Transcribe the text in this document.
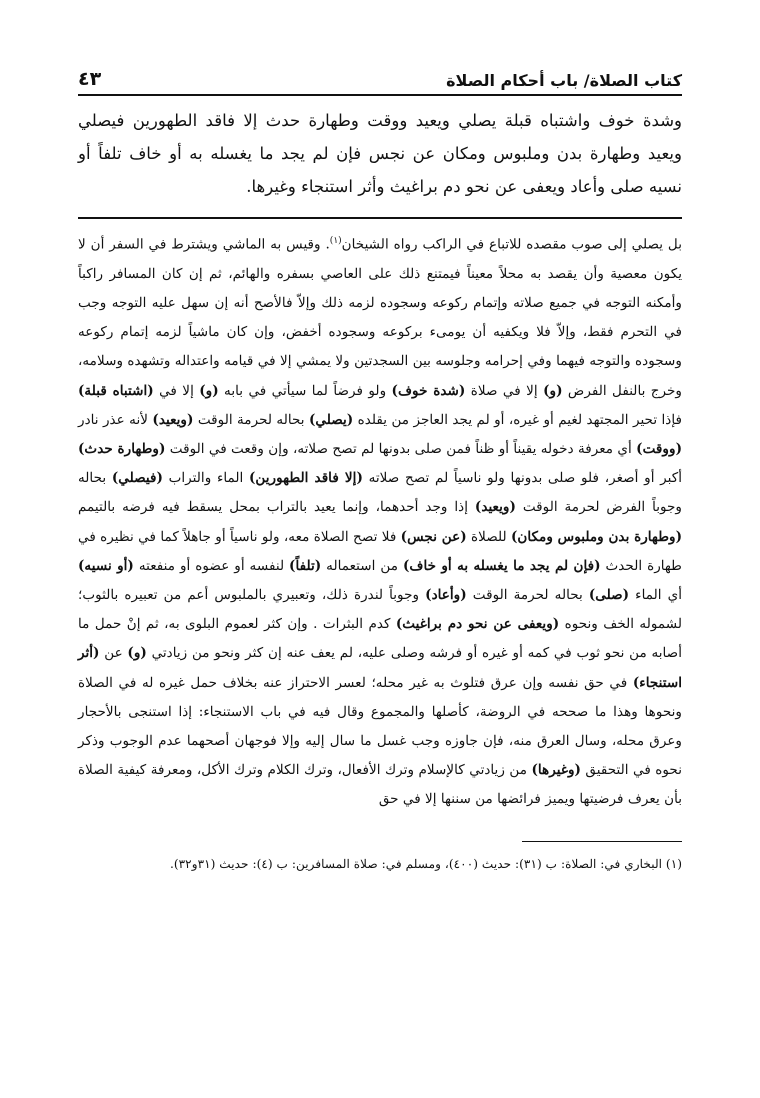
كتاب الصلاة/ باب أحكام الصلاة
٤٣

وشدة خوف واشتباه قبلة يصلي ويعيد ووقت وطهارة حدث إلا فاقد الطهورين فيصلي ويعيد وطهارة بدن وملبوس ومكان عن نجس فإن لم يجد ما يغسله به أو خاف تلفاً أو نسيه صلى وأعاد ويعفى عن نحو دم براغيث وأثر استنجاء وغيرها.

بل يصلي إلى صوب مقصده للاتباع في الراكب رواه الشيخان$^{(١)}$. وقيس به الماشي ويشترط في السفر أن لا يكون معصية وأن يقصد به محلاً معيناً فيمتنع ذلك على العاصي بسفره والهائم، ثم إن كان المسافر راكباً وأمكنه التوجه في جميع صلاته وإتمام ركوعه وسجوده لزمه ذلك وإلاّ فالأصح أنه إن سهل عليه التوجه وجب في التحرم فقط، وإلاّ فلا ويكفيه أن يومىء بركوعه وسجوده أخفض، وإن كان ماشياً لزمه إتمام ركوعه وسجوده والتوجه فيهما وفي إحرامه وجلوسه بين السجدتين ولا يمشي إلا في قيامه واعتداله وتشهده وسلامه، وخرج بالنفل الفرض (و) إلا في صلاة (شدة خوف) ولو فرضاً لما سيأتي في بابه (و) إلا في (اشتباه قبلة) فإذا تحير المجتهد لغيم أو غيره، أو لم يجد العاجز من يقلده (يصلي) بحاله لحرمة الوقت (ويعيد) لأنه عذر نادر (ووقت) أي معرفة دخوله يقيناً أو ظناً فمن صلى بدونها لم تصح صلاته، وإن وقعت في الوقت (وطهارة حدث) أكبر أو أصغر، فلو صلى بدونها ولو ناسياً لم تصح صلاته (إلا فاقد الطهورين) الماء والتراب (فيصلي) بحاله وجوباً الفرض لحرمة الوقت (ويعيد) إذا وجد أحدهما، وإنما يعيد بالتراب بمحل يسقط فيه فرضه بالتيمم (وطهارة بدن وملبوس ومكان) للصلاة (عن نجس) فلا تصح الصلاة معه، ولو ناسياً أو جاهلاً كما في نظيره في طهارة الحدث (فإن لم يجد ما يغسله به أو خاف) من استعماله (تلفاً) لنفسه أو عضوه أو منفعته (أو نسيه) أي الماء (صلى) بحاله لحرمة الوقت (وأعاد) وجوباً لندرة ذلك، وتعبيري بالملبوس أعم من تعبيره بالثوب؛ لشموله الخف ونحوه (ويعفى عن نحو دم براغيث) كدم البثرات . وإن كثر لعموم البلوى به، ثم إنْ حمل ما أصابه من نحو ثوب في كمه أو غيره أو فرشه وصلى عليه، لم يعف عنه إن كثر ونحو من زيادتي (و) عن (أثر استنجاء) في حق نفسه وإن عرق فتلوث به غير محله؛ لعسر الاحتراز عنه بخلاف حمل غيره له في الصلاة ونحوها وهذا ما صححه في الروضة، كأصلها والمجموع وقال فيه في باب الاستنجاء: إذا استنجى بالأحجار وعرق محله، وسال العرق منه، فإن جاوزه وجب غسل ما سال إليه وإلا فوجهان أصحهما عدم الوجوب وذكر نحوه في التحقيق (وغيرها) من زيادتي كالإسلام وترك الأفعال، وترك الكلام وترك الأكل، ومعرفة كيفية الصلاة بأن يعرف فرضيتها ويميز فرائضها من سننها إلا في حق

(١) البخاري في: الصلاة: ب (٣١): حديث (٤٠٠)، ومسلم في: صلاة المسافرين: ب (٤): حديث (٣١و٣٢).
